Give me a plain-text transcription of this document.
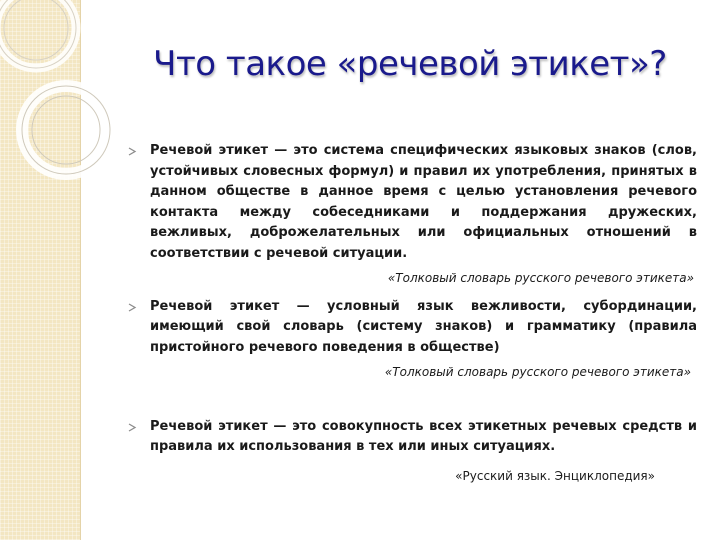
Что такое «речевой этикет»?
Речевой этикет — это система специфических языковых знаков (слов, устойчивых словесных формул) и правил их употребления, принятых в данном обществе в данное время с целью установления речевого контакта между собеседниками и поддержания дружеских, вежливых, доброжелательных или официальных отношений в соответствии с речевой ситуации.
«Толковый словарь русского речевого этикета»
Речевой этикет — условный язык вежливости, субординации, имеющий свой словарь (систему знаков) и грамматику (правила пристойного речевого поведения в обществе)
«Толковый словарь русского речевого этикета»
Речевой этикет — это совокупность всех этикетных речевых средств и правила их использования в тех или иных ситуациях.
«Русский язык. Энциклопедия»
